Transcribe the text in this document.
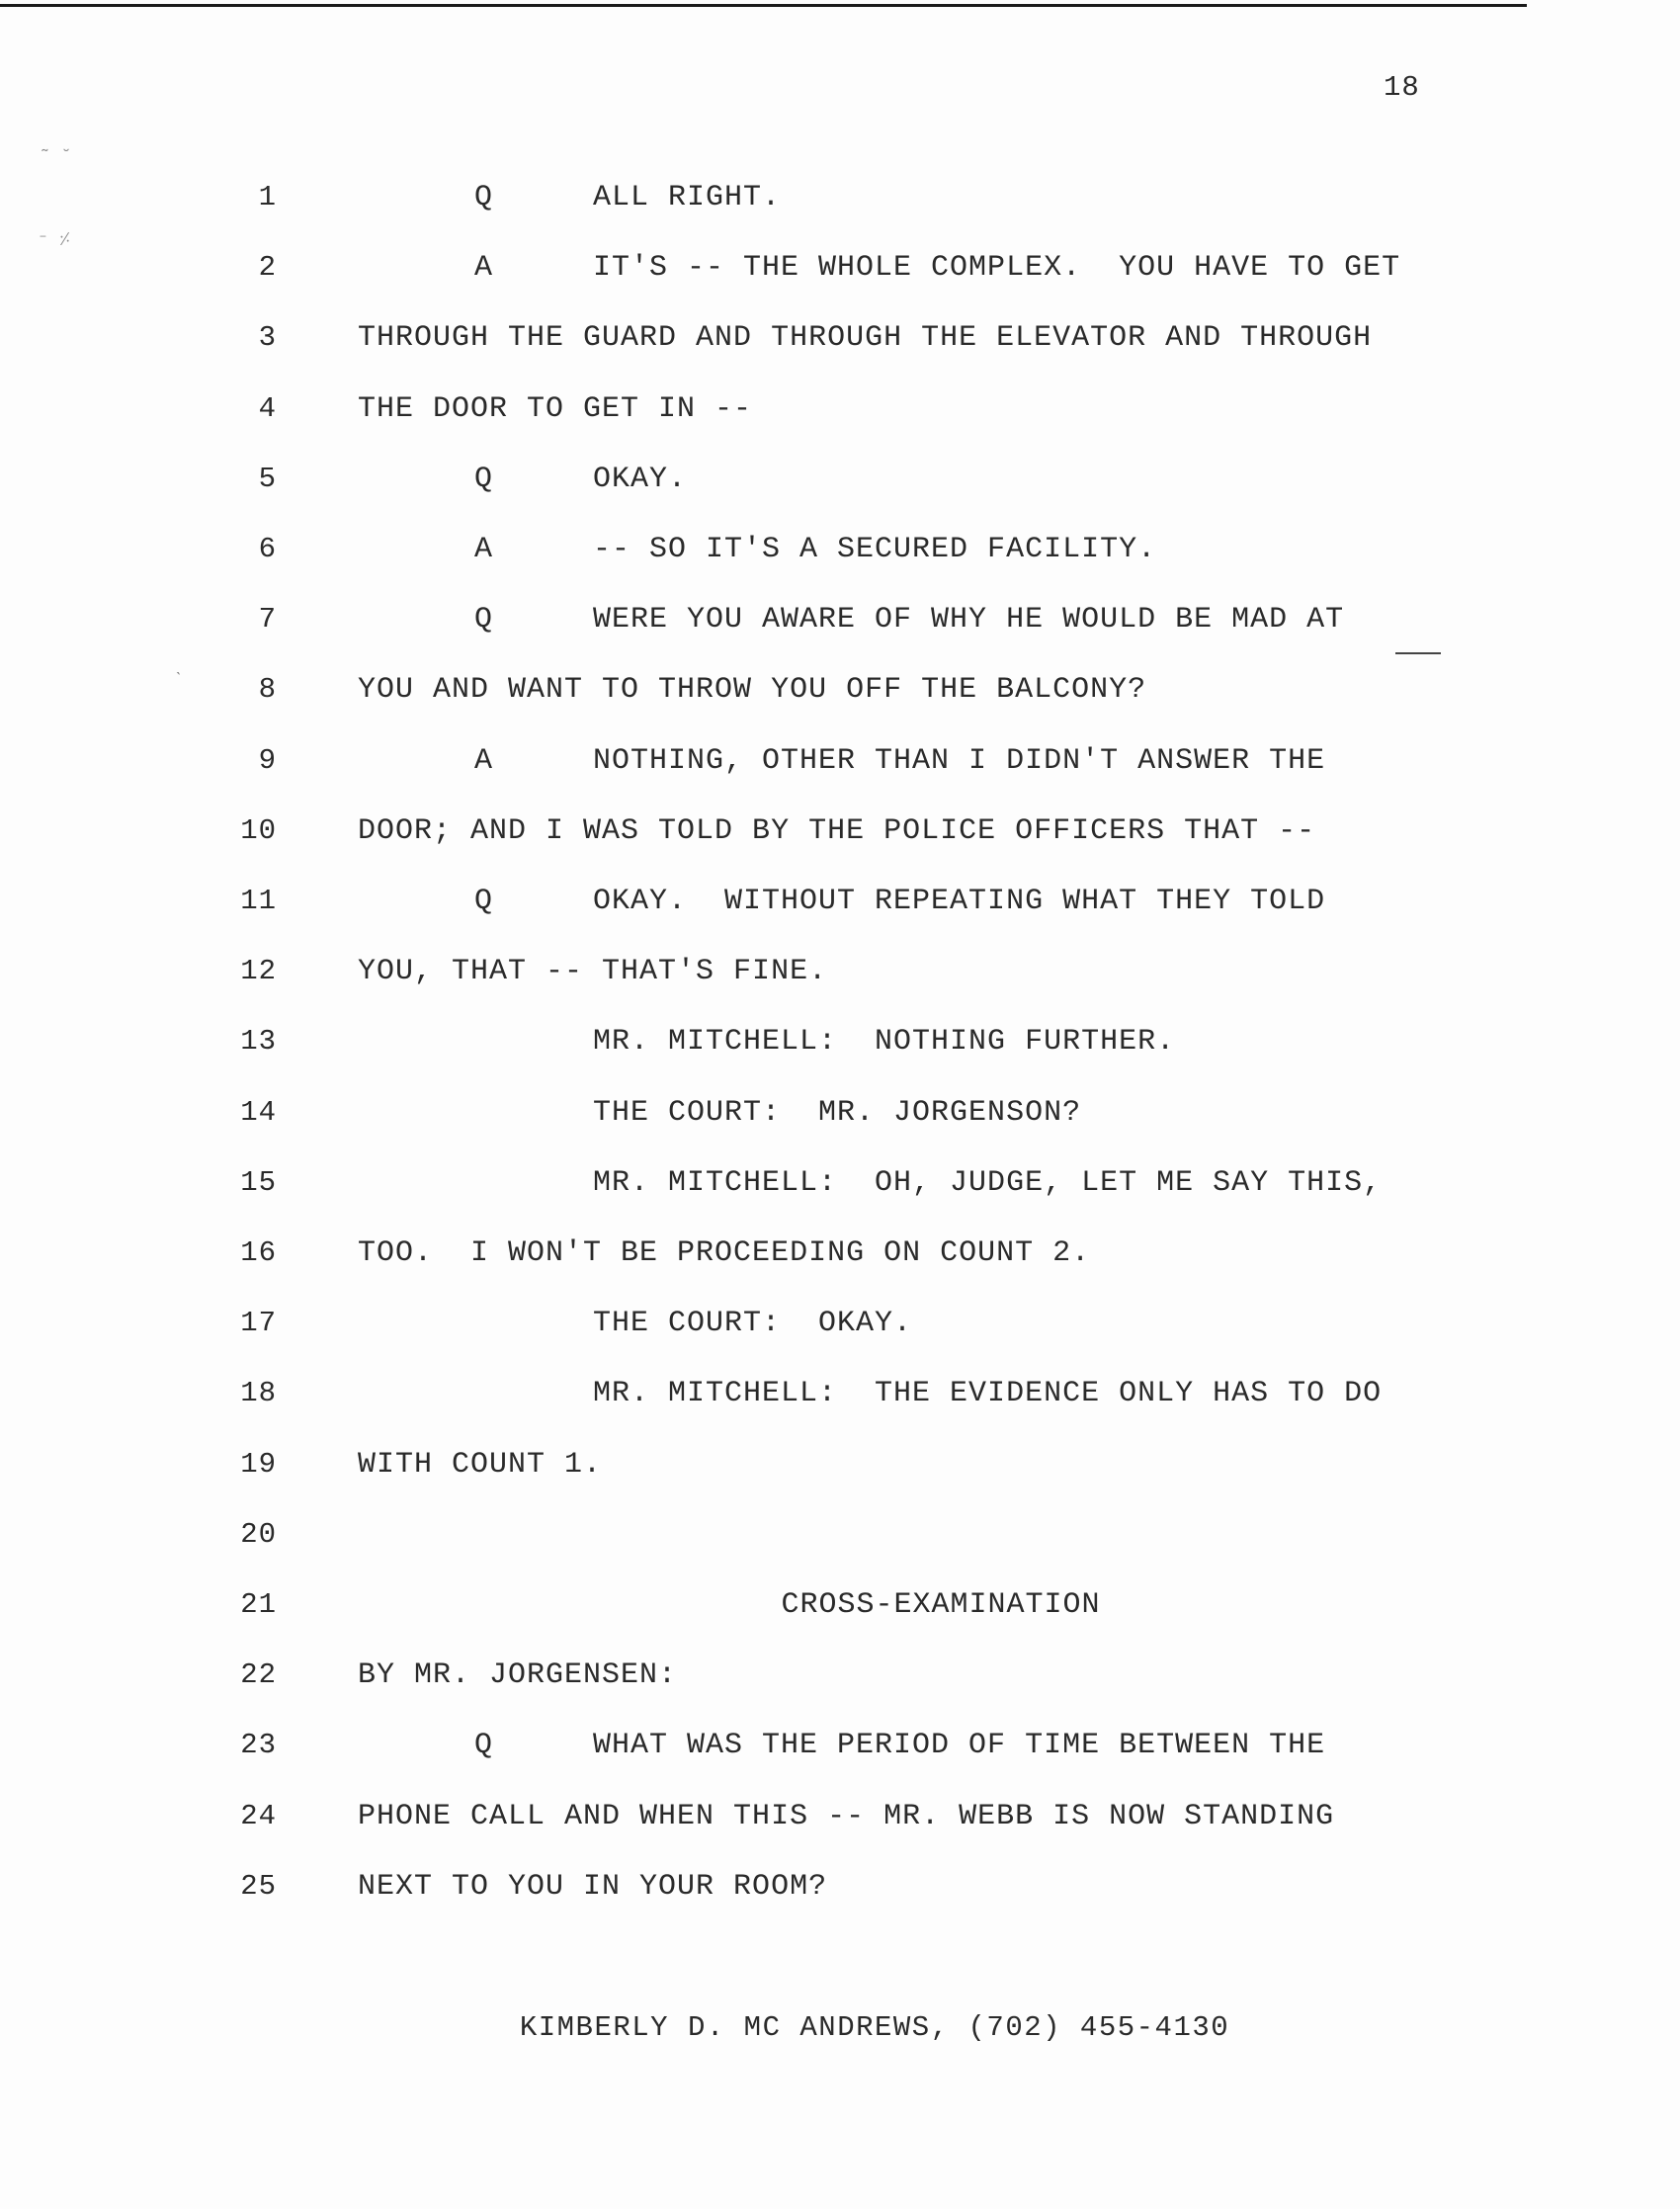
18
˜ ˘
⁻ ⸓
ˎ
1	Q	ALL RIGHT.
2	A	IT'S -- THE WHOLE COMPLEX.  YOU HAVE TO GET
3	THROUGH THE GUARD AND THROUGH THE ELEVATOR AND THROUGH
4	THE DOOR TO GET IN --
5	Q	OKAY.
6	A	-- SO IT'S A SECURED FACILITY.
7	Q	WERE YOU AWARE OF WHY HE WOULD BE MAD AT
8	YOU AND WANT TO THROW YOU OFF THE BALCONY?
9	A	NOTHING, OTHER THAN I DIDN'T ANSWER THE
10	DOOR; AND I WAS TOLD BY THE POLICE OFFICERS THAT --
11	Q	OKAY.  WITHOUT REPEATING WHAT THEY TOLD
12	YOU, THAT -- THAT'S FINE.
13	MR. MITCHELL:  NOTHING FURTHER.
14	THE COURT:  MR. JORGENSON?
15	MR. MITCHELL:  OH, JUDGE, LET ME SAY THIS,
16	TOO.  I WON'T BE PROCEEDING ON COUNT 2.
17	THE COURT:  OKAY.
18	MR. MITCHELL:  THE EVIDENCE ONLY HAS TO DO
19	WITH COUNT 1.
20
21	CROSS-EXAMINATION
22	BY MR. JORGENSEN:
23	Q	WHAT WAS THE PERIOD OF TIME BETWEEN THE
24	PHONE CALL AND WHEN THIS -- MR. WEBB IS NOW STANDING
25	NEXT TO YOU IN YOUR ROOM?
KIMBERLY D. MC ANDREWS, (702) 455-4130
